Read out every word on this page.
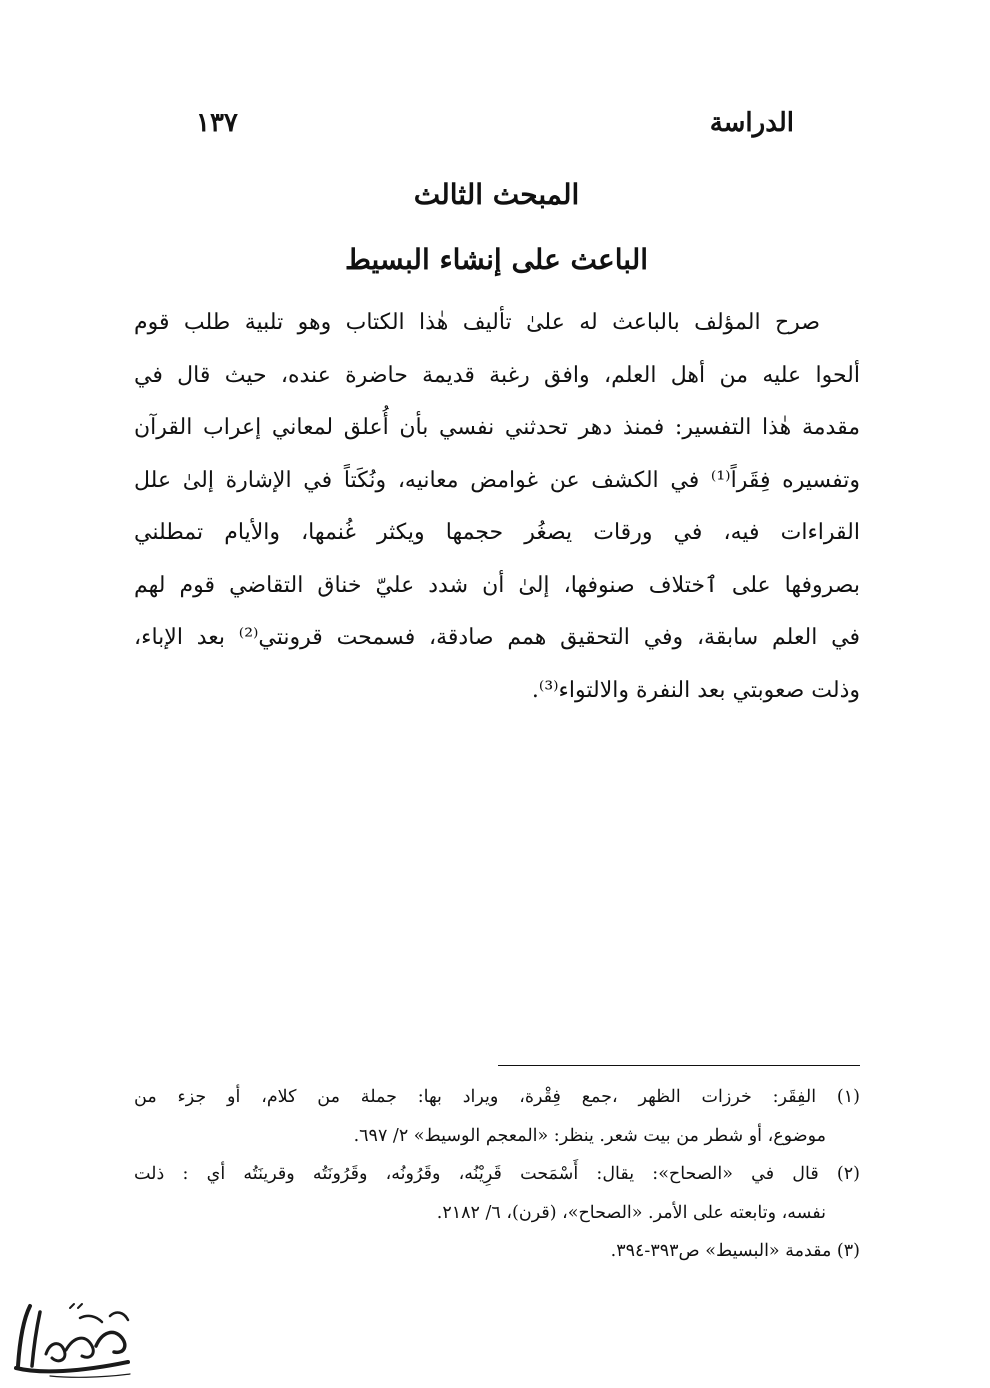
الدراسة
١٣٧
المبحث الثالث
الباعث على إنشاء البسيط
صرح المؤلف بالباعث له علىٰ تأليف هٰذا الكتاب وهو تلبية طلب قوم
ألحوا عليه من أهل العلم، وافق رغبة قديمة حاضرة عنده، حيث قال في
مقدمة هٰذا التفسير: فمنذ دهر تحدثني نفسي بأن أُعلق لمعاني إعراب القرآن
وتفسيره فِقَراً⁽¹⁾ في الكشف عن غوامض معانيه، ونُكَتاً في الإشارة إلىٰ علل
القراءات فيه، في ورقات يصغُر حجمها ويكثر غُنمها، والأيام تمطلني
بصروفها على ٱختلاف صنوفها، إلىٰ أن شدد عليّ خناق التقاضي قوم لهم
في العلم سابقة، وفي التحقيق همم صادقة، فسمحت قرونتي⁽²⁾ بعد الإباء،
وذلت صعوبتي بعد النفرة والالتواء⁽³⁾.
(١) الفِقَر: خرزات الظهر ،جمع فِقْرة، ويراد بها: جملة من كلام، أو جزء من
موضوع، أو شطر من بيت شعر. ينظر: «المعجم الوسيط» ٢/ ٦٩٧.
(٢) قال في «الصحاح»: يقال: أَسْمَحت قَرِيْنُه، وقَرُونُه، وقَرُونَتُه وقرينَتُه أي : ذلت
نفسه، وتابعته على الأمر. «الصحاح»، (قرن)، ٦/ ٢١٨٢.
(٣) مقدمة «البسيط» ص٣٩٣-٣٩٤.
